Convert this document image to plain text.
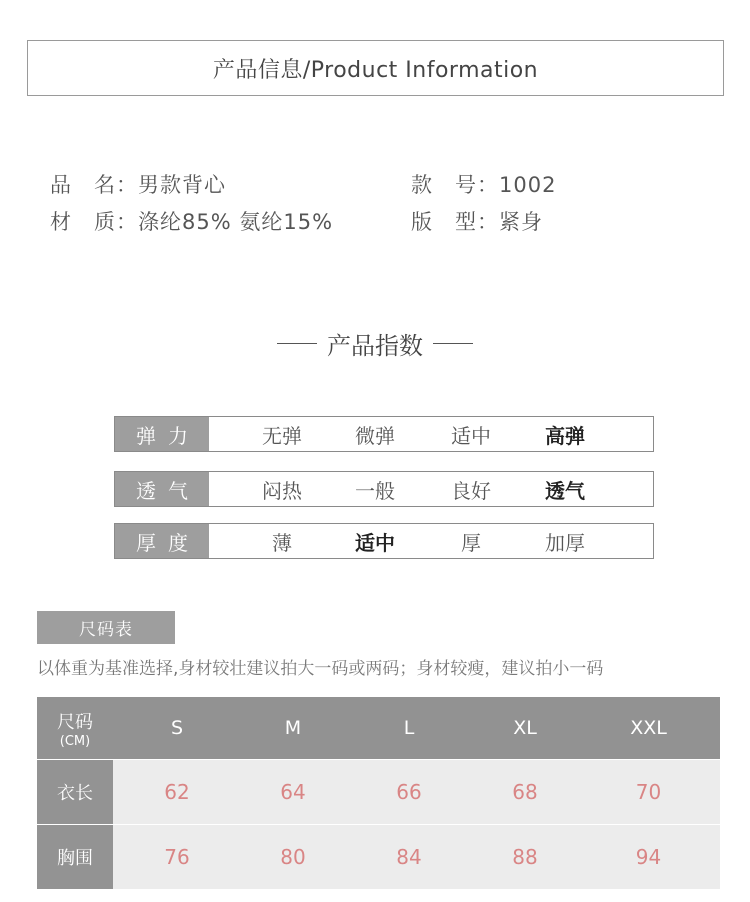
产品信息/Product Information
品　名：男款背心	款　号：1002
材　质：涤纶85% 氨纶15%	版　型：紧身
产品指数
弹力	无弹	微弹	适中	高弹
透气	闷热	一般	良好	透气
厚度	薄	适中	厚	加厚
尺码表
以体重为基准选择,身材较壮建议拍大一码或两码；身材较瘦，建议拍小一码
尺码
(CM)
S	M	L	XL	XXL
衣长	62	64	66	68	70
胸围	76	80	84	88	94
